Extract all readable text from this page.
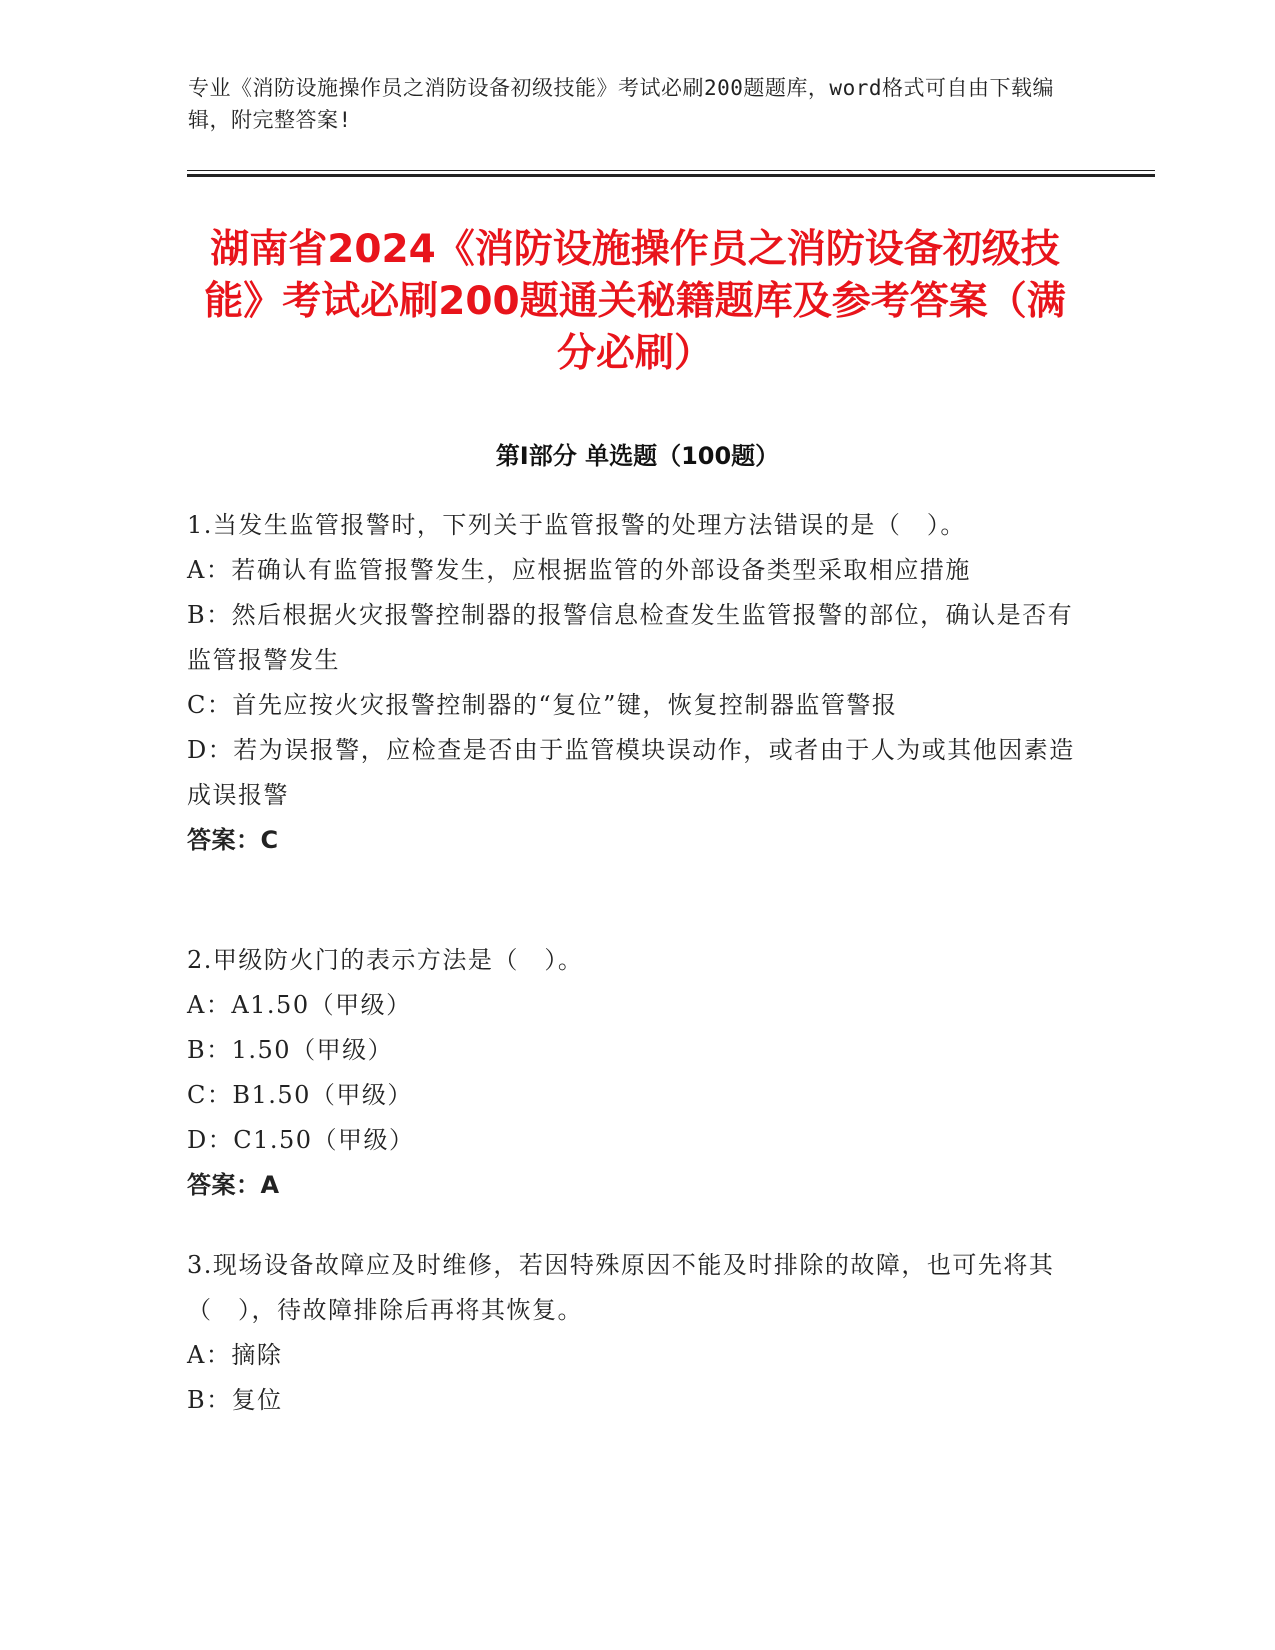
专业《消防设施操作员之消防设备初级技能》考试必刷200题题库，word格式可自由下载编辑，附完整答案!
湖南省2024《消防设施操作员之消防设备初级技能》考试必刷200题通关秘籍题库及参考答案（满分必刷）
第I部分 单选题（100题）
1.当发生监管报警时，下列关于监管报警的处理方法错误的是（　）。
A：若确认有监管报警发生，应根据监管的外部设备类型采取相应措施
B：然后根据火灾报警控制器的报警信息检查发生监管报警的部位，确认是否有监管报警发生
C：首先应按火灾报警控制器的“复位”键，恢复控制器监管警报
D：若为误报警，应检查是否由于监管模块误动作，或者由于人为或其他因素造成误报警
答案：C
2.甲级防火门的表示方法是（　）。
A：A1.50（甲级）
B：1.50（甲级）
C：B1.50（甲级）
D：C1.50（甲级）
答案：A
3.现场设备故障应及时维修，若因特殊原因不能及时排除的故障，也可先将其（　），待故障排除后再将其恢复。
A：摘除
B：复位
